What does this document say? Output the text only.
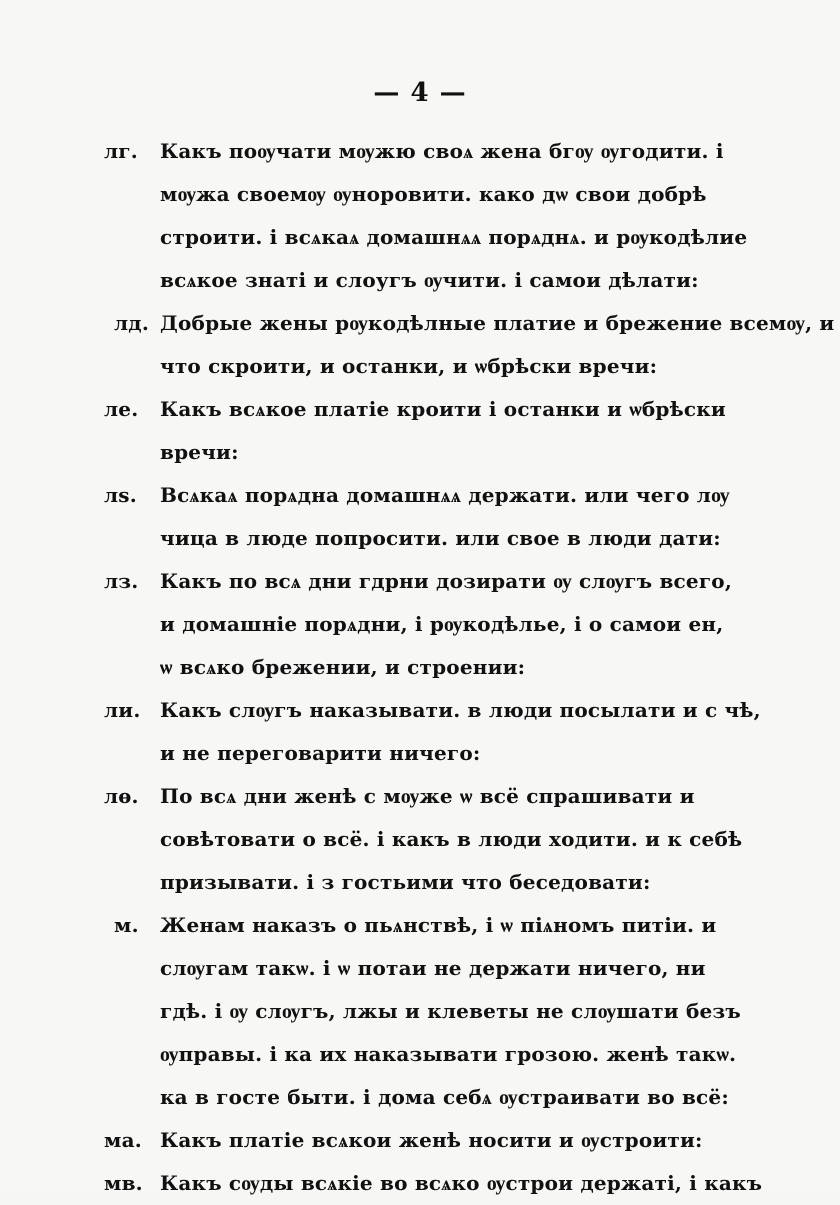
— 4 —
лг.	Какъ поѹчати мѹжю своѧ жена бгѹ ѹгодити. і
мѹжа своемѹ ѹноровити. како дѡ свои добрѣ
строити. і всѧкаѧ домашнѧѧ порѧднѧ. и рѹкодѣлие
всѧкое знаті и слоугъ ѹчити. і самои дѣлати:
лд. Добрые жены рѹкодѣлные платие и брежение всемѹ, и
что скроити, и останки, и ѡбрѣски вречи:
ле.	Какъ всѧкое платіе кроити і останки и ѡбрѣски
вречи:
лѕ.	Всѧкаѧ порѧдна домашнѧѧ держати. или чего лѹ
чица в люде попросити. или свое в люди дати:
лз.	Какъ по всѧ дни гдрни дозирати ѹ слѹгъ всего,
и домашніе порѧдни, і рѹкодѣлье, і о самои ен,
ѡ всѧко брежении, и строении:
ли. Какъ слѹгъ наказывати. в люди посылати и с чѣ,
и не переговарити ничего:
лѳ.	По всѧ дни женѣ с мѹже ѡ всё спрашивати и
совѣтовати о всё. і какъ в люди ходити. и к себѣ
призывати. і з гостьими что беседовати:
м.	Женам наказъ о пьѧнствѣ, і ѡ піѧномъ питіи. и
слѹгам такѡ. і ѡ потаи не держати ничего, ни
гдѣ. і ѹ слѹгъ, лжы и клеветы не слѹшати безъ
ѹправы. і ка их наказывати грозою. женѣ такѡ.
ка в госте быти. і дома себѧ ѹстраивати во всё:
ма. Какъ платіе всѧкои женѣ носити и ѹстроити:
мв. Какъ сѹды всѧкіе во всѧко ѹстрои держаті, і какъ
